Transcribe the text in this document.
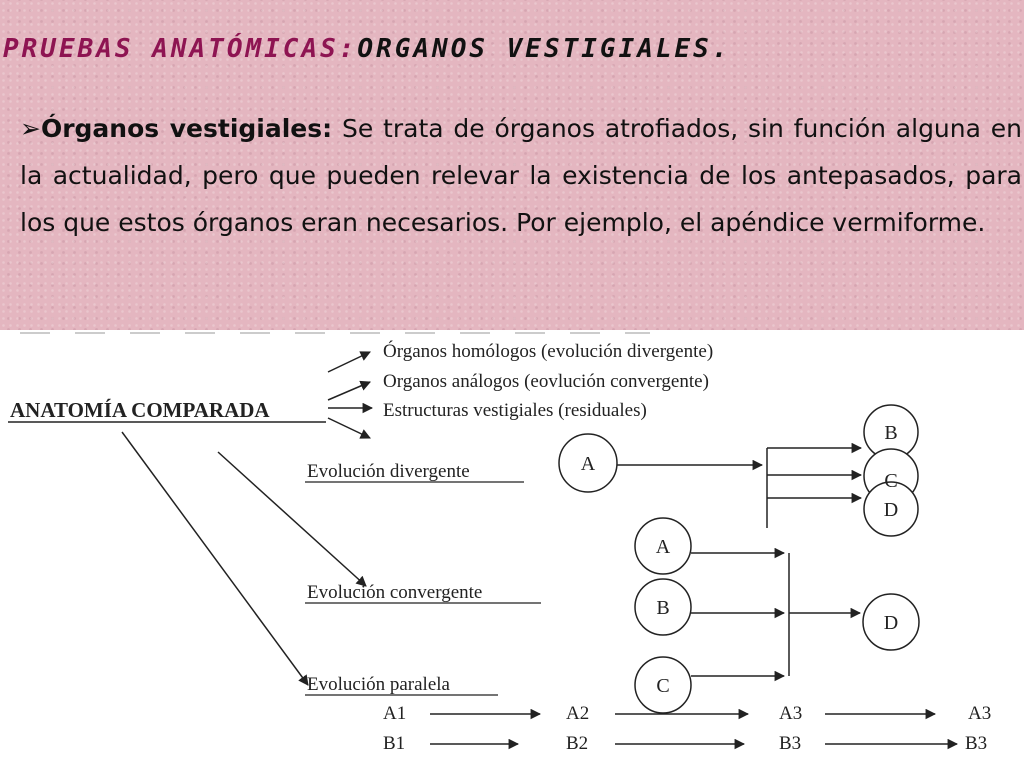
PRUEBAS ANATÓMICAS:ORGANOS VESTIGIALES.

➢Órganos vestigiales: Se trata de órganos atrofiados, sin función alguna en la actualidad, pero que pueden relevar la existencia de los antepasados, para los que estos órganos eran necesarios. Por ejemplo, el apéndice vermiforme.

ANATOMÍA COMPARADA
Órganos homólogos (evolución divergente)
Organos análogos (eovlución convergente)
Estructuras vestigiales (residuales)
Evolución divergente
Evolución convergente
Evolución paralela
A
B
C
D
A
B
C
D
A1	A2	A3	A3
B1	B2	B3	B3
